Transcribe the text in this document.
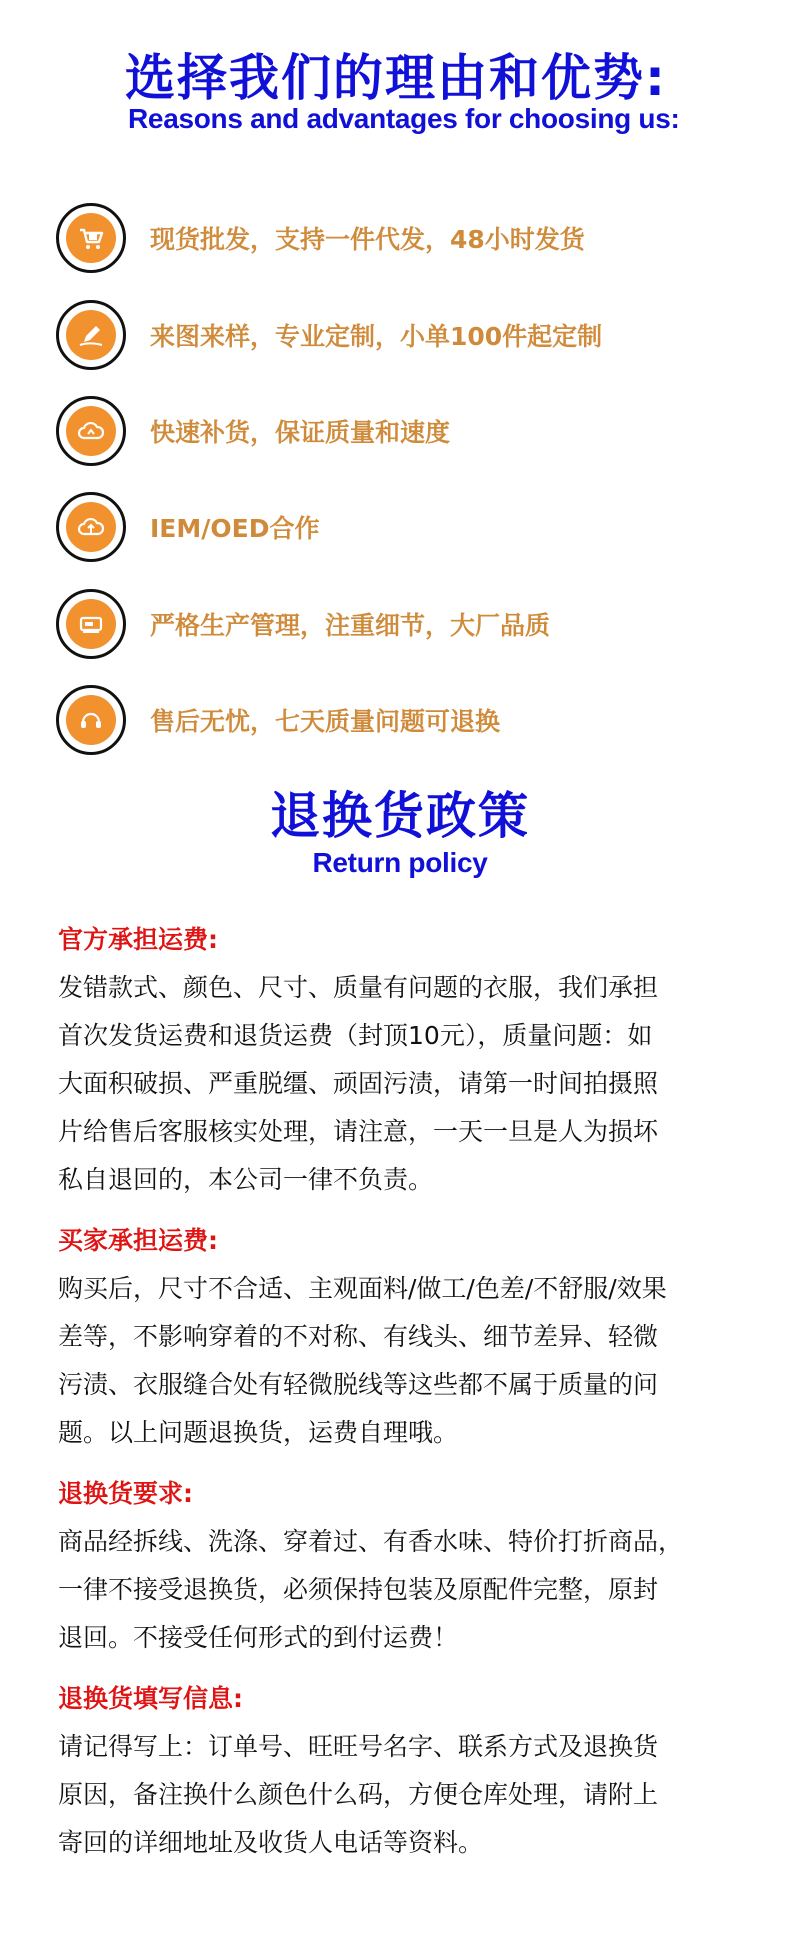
选择我们的理由和优势:
Reasons and advantages for choosing us:
现货批发，支持一件代发，48小时发货
来图来样，专业定制，小单100件起定制
快速补货，保证质量和速度
IEM/OED合作
严格生产管理，注重细节，大厂品质
售后无忧，七天质量问题可退换
退换货政策
Return policy
官方承担运费:
发错款式、颜色、尺寸、质量有问题的衣服，我们承担
首次发货运费和退货运费（封顶10元），质量问题：如
大面积破损、严重脱缰、顽固污渍，请第一时间拍摄照
片给售后客服核实处理，请注意，一天一旦是人为损坏
私自退回的，本公司一律不负责。
买家承担运费:
购买后，尺寸不合适、主观面料/做工/色差/不舒服/效果
差等，不影响穿着的不对称、有线头、细节差异、轻微
污渍、衣服缝合处有轻微脱线等这些都不属于质量的问
题。以上问题退换货，运费自理哦。
退换货要求:
商品经拆线、洗涤、穿着过、有香水味、特价打折商品，
一律不接受退换货，必须保持包装及原配件完整，原封
退回。不接受任何形式的到付运费！
退换货填写信息:
请记得写上：订单号、旺旺号名字、联系方式及退换货
原因，备注换什么颜色什么码，方便仓库处理，请附上
寄回的详细地址及收货人电话等资料。
